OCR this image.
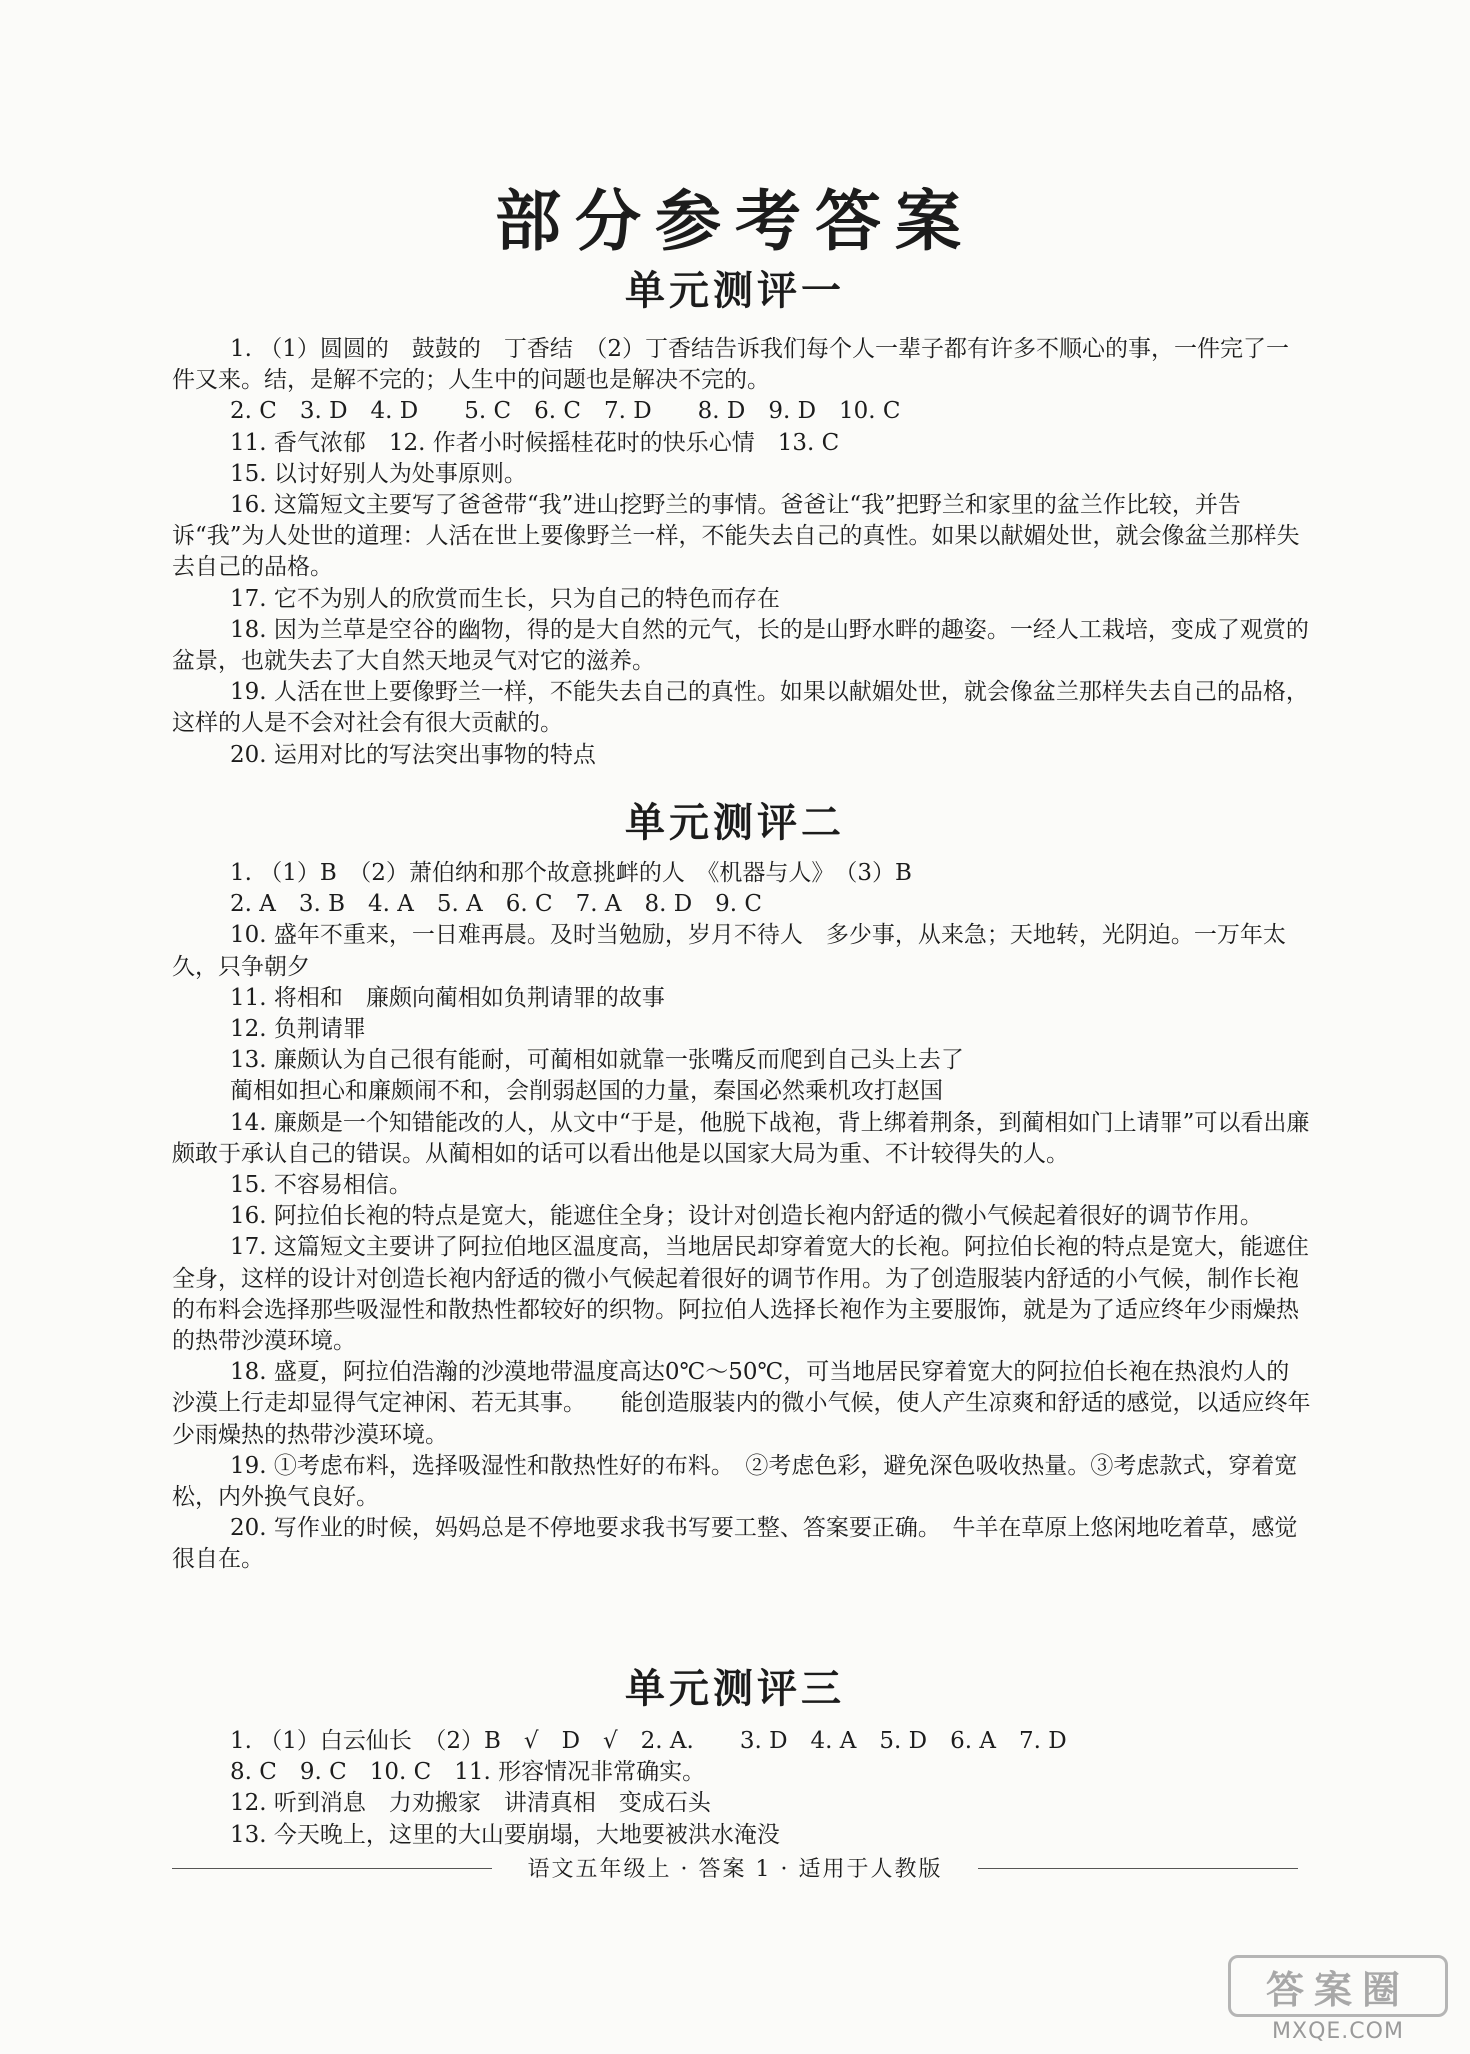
部分参考答案
单元测评一

1. （1）圆圆的　鼓鼓的　丁香结　（2）丁香结告诉我们每个人一辈子都有许多不顺心的事，一件完了一件又来。结，是解不完的；人生中的问题也是解决不完的。

2. C　3. D　4. D　　5. C　6. C　7. D　　8. D　9. D　10. C

11. 香气浓郁　12. 作者小时候摇桂花时的快乐心情　13. C

15. 以讨好别人为处事原则。

16. 这篇短文主要写了爸爸带“我”进山挖野兰的事情。爸爸让“我”把野兰和家里的盆兰作比较，并告诉“我”为人处世的道理：人活在世上要像野兰一样，不能失去自己的真性。如果以献媚处世，就会像盆兰那样失去自己的品格。

17. 它不为别人的欣赏而生长，只为自己的特色而存在

18. 因为兰草是空谷的幽物，得的是大自然的元气，长的是山野水畔的趣姿。一经人工栽培，变成了观赏的盆景，也就失去了大自然天地灵气对它的滋养。

19. 人活在世上要像野兰一样，不能失去自己的真性。如果以献媚处世，就会像盆兰那样失去自己的品格，这样的人是不会对社会有很大贡献的。

20. 运用对比的写法突出事物的特点

单元测评二

1. （1）B　（2）萧伯纳和那个故意挑衅的人　《机器与人》　（3）B

2. A　3. B　4. A　5. A　6. C　7. A　8. D　9. C

10. 盛年不重来，一日难再晨。及时当勉励，岁月不待人　多少事，从来急；天地转，光阴迫。一万年太久，只争朝夕

11. 将相和　廉颇向蔺相如负荆请罪的故事

12. 负荆请罪

13. 廉颇认为自己很有能耐，可蔺相如就靠一张嘴反而爬到自己头上去了

蔺相如担心和廉颇闹不和，会削弱赵国的力量，秦国必然乘机攻打赵国

14. 廉颇是一个知错能改的人，从文中“于是，他脱下战袍，背上绑着荆条，到蔺相如门上请罪”可以看出廉颇敢于承认自己的错误。从蔺相如的话可以看出他是以国家大局为重、不计较得失的人。

15. 不容易相信。

16. 阿拉伯长袍的特点是宽大，能遮住全身；设计对创造长袍内舒适的微小气候起着很好的调节作用。

17. 这篇短文主要讲了阿拉伯地区温度高，当地居民却穿着宽大的长袍。阿拉伯长袍的特点是宽大，能遮住全身，这样的设计对创造长袍内舒适的微小气候起着很好的调节作用。为了创造服装内舒适的小气候，制作长袍的布料会选择那些吸湿性和散热性都较好的织物。阿拉伯人选择长袍作为主要服饰，就是为了适应终年少雨燥热的热带沙漠环境。

18. 盛夏，阿拉伯浩瀚的沙漠地带温度高达0℃～50℃，可当地居民穿着宽大的阿拉伯长袍在热浪灼人的沙漠上行走却显得气定神闲、若无其事。　　能创造服装内的微小气候，使人产生凉爽和舒适的感觉，以适应终年少雨燥热的热带沙漠环境。

19. ①考虑布料，选择吸湿性和散热性好的布料。　②考虑色彩，避免深色吸收热量。③考虑款式，穿着宽松，内外换气良好。

20. 写作业的时候，妈妈总是不停地要求我书写要工整、答案要正确。　牛羊在草原上悠闲地吃着草，感觉很自在。

单元测评三

1. （1）白云仙长　（2）B　√　D　√　2. A.　　3. D　4. A　5. D　6. A　7. D

8. C　9. C　10. C　11. 形容情况非常确实。

12. 听到消息　力劝搬家　讲清真相　变成石头

13. 今天晚上，这里的大山要崩塌，大地要被洪水淹没

语文五年级上 · 答案 1 · 适用于人教版
答案圈
MXQE.COM
